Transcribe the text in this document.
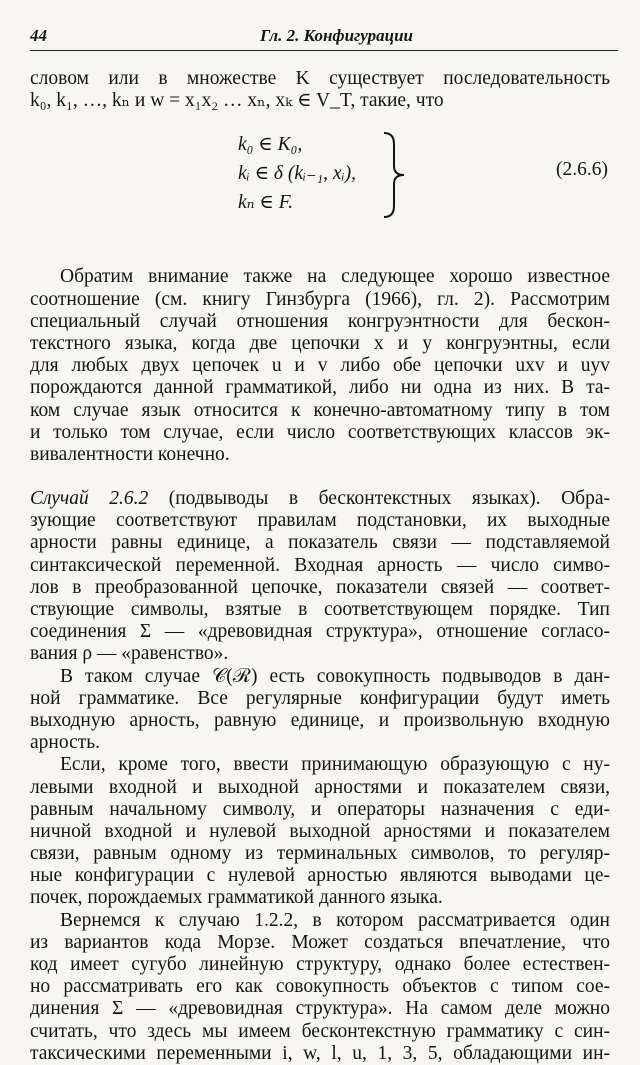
44	Гл. 2. Конфигурации
словом или в множестве K существует последовательность
k₀, k₁, …, kₙ и w = x₁x₂ … xₙ, xₖ ∈ V_T, такие, что
k₀ ∈ K₀,
kᵢ ∈ δ (kᵢ₋₁, xᵢ),
kₙ ∈ F.
(2.6.6)
Обратим внимание также на следующее хорошо известное
соотношение (см. книгу Гинзбурга (1966), гл. 2). Рассмотрим
специальный случай отношения конгруэнтности для бескон-
текстного языка, когда две цепочки x и y конгруэнтны, если
для любых двух цепочек u и v либо обе цепочки uxv и uyv
порождаются данной грамматикой, либо ни одна из них. В та-
ком случае язык относится к конечно-автоматному типу в том
и только том случае, если число соответствующих классов эк-
вивалентности конечно.
Случай 2.6.2 (подвыводы в бесконтекстных языках). Обра-
зующие соответствуют правилам подстановки, их выходные
арности равны единице, а показатель связи — подставляемой
синтаксической переменной. Входная арность — число симво-
лов в преобразованной цепочке, показатели связей — соответ-
ствующие символы, взятые в соответствующем порядке. Тип
соединения Σ — «древовидная структура», отношение согласо-
вания ρ — «равенство».
В таком случае 𝒞(ℛ) есть совокупность подвыводов в дан-
ной грамматике. Все регулярные конфигурации будут иметь
выходную арность, равную единице, и произвольную входную
арность.
Если, кроме того, ввести принимающую образующую с ну-
левыми входной и выходной арностями и показателем связи,
равным начальному символу, и операторы назначения с еди-
ничной входной и нулевой выходной арностями и показателем
связи, равным одному из терминальных символов, то регуляр-
ные конфигурации с нулевой арностью являются выводами це-
почек, порождаемых грамматикой данного языка.
Вернемся к случаю 1.2.2, в котором рассматривается один
из вариантов кода Морзе. Может создаться впечатление, что
код имеет сугубо линейную структуру, однако более естествен-
но рассматривать его как совокупность объектов с типом сое-
динения Σ — «древовидная структура». На самом деле можно
считать, что здесь мы имеем бесконтекстную грамматику с син-
таксическими переменными i, w, l, u, 1, 3, 5, обладающими ин-
